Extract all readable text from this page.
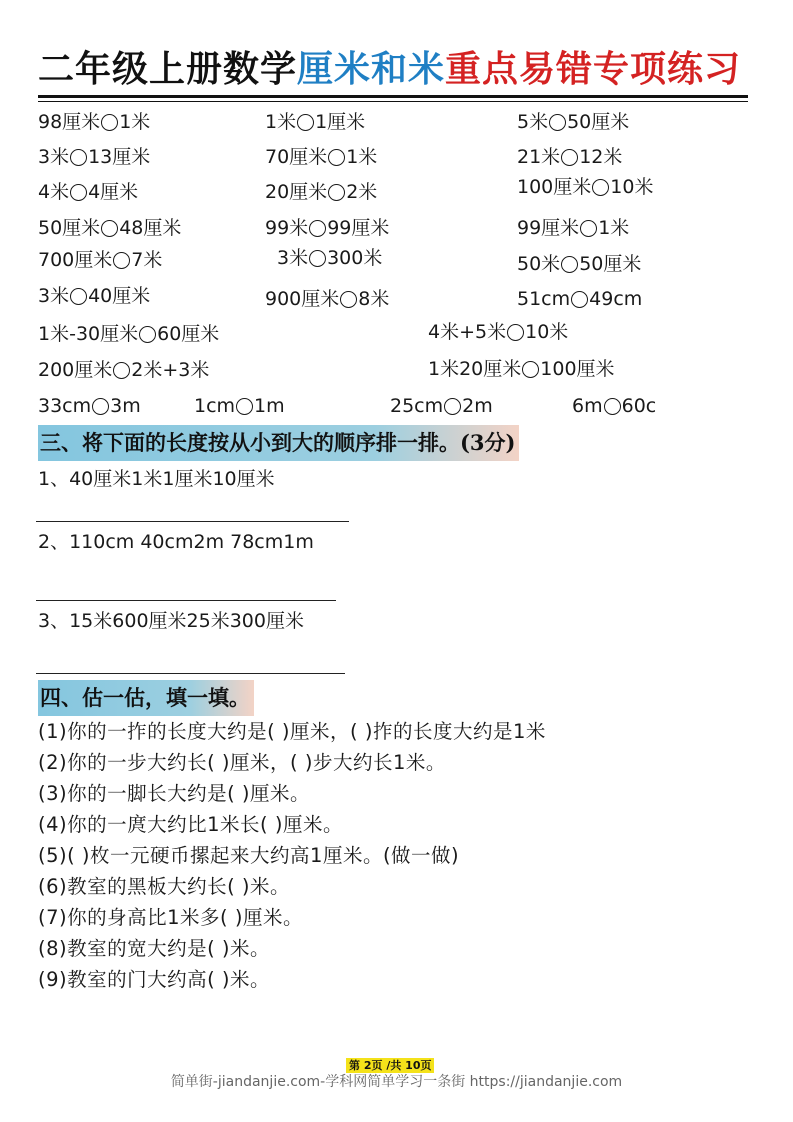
二年级上册数学厘米和米重点易错专项练习
98厘米 1米	1米 1厘米	5米 50厘米
3米 13厘米	70厘米 1米	21米 12米
4米 4厘米	20厘米 2米	100厘米 10米
50厘米 48厘米	99米 99厘米	99厘米 1米
700厘米 7米	3米 300米	50米 50厘米
3米 40厘米	900厘米 8米	51cm 49cm
1米-30厘米 60厘米	4米+5米 10米
200厘米 2米+3米	1米20厘米 100厘米
33cm 3m	1cm 1m	25cm 2m	6m 60c
三、将下面的长度按从小到大的顺序排一排。(3分)
1、40厘米1米1厘米10厘米
2、110cm 40cm2m 78cm1m
3、15米600厘米25米300厘米
四、估一估，填一填。
(1)你的一拃的长度大约是( )厘米，( )拃的长度大约是1米
(2)你的一步大约长( )厘米，( )步大约长1米。
(3)你的一脚长大约是( )厘米。
(4)你的一庹大约比1米长( )厘米。
(5)( )枚一元硬币摞起来大约高1厘米。(做一做)
(6)教室的黑板大约长( )米。
(7)你的身高比1米多( )厘米。
(8)教室的宽大约是( )米。
(9)教室的门大约高( )米。
第 2页 /共 10页
简单街-jiandanjie.com-学科网简单学习一条街 https://jiandanjie.com
